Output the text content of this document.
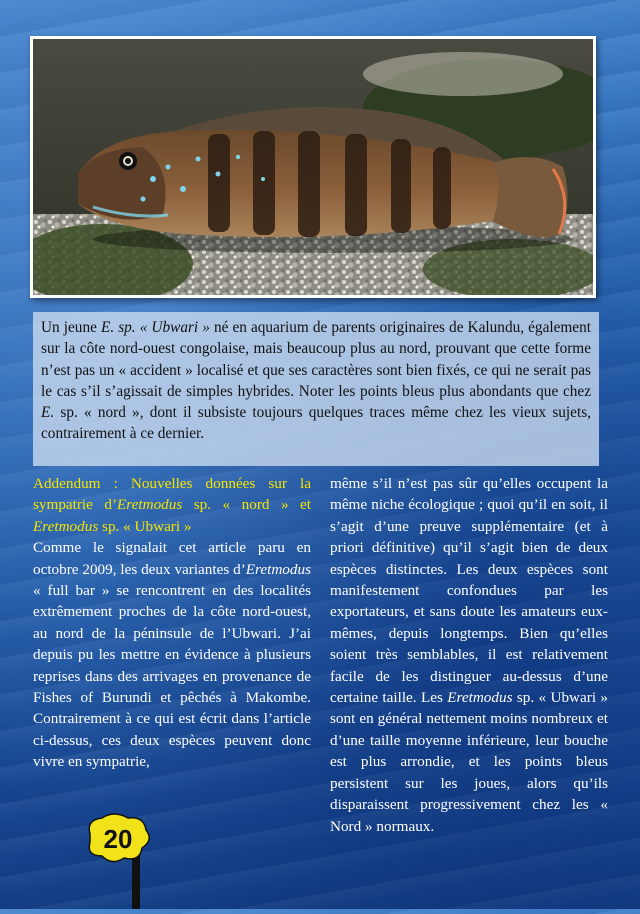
Un jeune E. sp. « Ubwari » né en aquarium de parents originaires de Kalundu, également sur la côte nord-ouest congolaise, mais beaucoup plus au nord, prouvant que cette forme n’est pas un « accident » localisé et que ses caractères sont bien fixés, ce qui ne serait pas le cas s’il s’agissait de simples hybrides. Noter les points bleus plus abondants que chez E. sp. « nord », dont il subsiste toujours quelques traces même chez les vieux sujets, contrairement à ce dernier.

Addendum : Nouvelles données sur la sympatrie d’Eretmodus sp. « nord » et Eretmodus sp. « Ubwari »

Comme le signalait cet article paru en octobre 2009, les deux variantes d’Eretmodus « full bar » se rencontrent en des localités extrêmement proches de la côte nord-ouest, au nord de la péninsule de l’Ubwari. J’ai depuis pu les mettre en évidence à plusieurs reprises dans des arrivages en provenance de Fishes of Burundi et pêchés à Makombe. Contrairement à ce qui est écrit dans l’article ci-dessus, ces deux espèces peuvent donc vivre en sympatrie,

même s’il n’est pas sûr qu’elles occupent la même niche écologique ; quoi qu’il en soit, il s’agit d’une preuve supplémentaire (et à priori définitive) qu’il s’agit bien de deux espèces distinctes. Les deux espèces sont manifestement confondues par les exportateurs, et sans doute les amateurs eux-mêmes, depuis longtemps. Bien qu’elles soient très semblables, il est relativement facile de les distinguer au-dessus d’une certaine taille. Les Eretmodus sp. « Ubwari » sont en général nettement moins nombreux et d’une taille moyenne inférieure, leur bouche est plus arrondie, et les points bleus persistent sur les joues, alors qu’ils disparaissent progressivement chez les « Nord » normaux.

20
